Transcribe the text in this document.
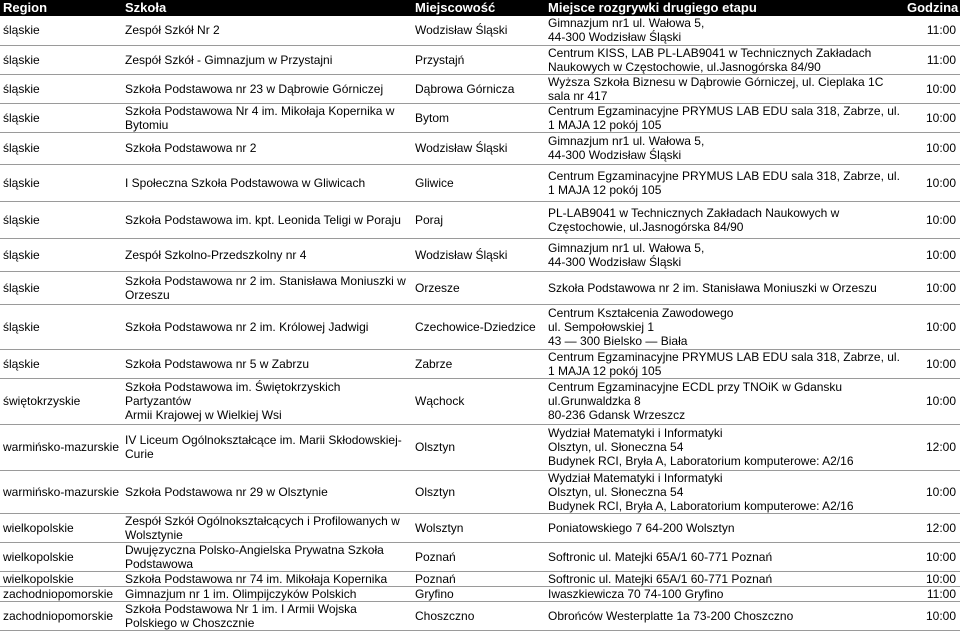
Region	Szkoła	Miejscowość	Miejsce rozgrywki drugiego etapu	Godzina
śląskie	Zespół Szkół Nr 2	Wodzisław Śląski	Gimnazjum nr1 ul. Wałowa 5,
44-300 Wodzisław Śląski	11:00
śląskie	Zespół Szkół - Gimnazjum w Przystajni	Przystajń	Centrum KISS, LAB PL-LAB9041 w Technicznych Zakładach
Naukowych w Częstochowie, ul.Jasnogórska 84/90	11:00
śląskie	Szkoła Podstawowa nr 23 w Dąbrowie Górniczej	Dąbrowa Górnicza	Wyższa Szkoła Biznesu w Dąbrowie Górniczej, ul. Cieplaka 1C
sala nr 417	10:00
śląskie	Szkoła Podstawowa Nr 4 im. Mikołaja Kopernika w
Bytomiu	Bytom	Centrum Egzaminacyjne PRYMUS LAB EDU sala 318, Zabrze, ul.
1 MAJA 12 pokój 105	10:00
śląskie	Szkoła Podstawowa nr 2	Wodzisław Śląski	Gimnazjum nr1 ul. Wałowa 5,
44-300 Wodzisław Śląski	10:00
śląskie	I Społeczna Szkoła Podstawowa w Gliwicach	Gliwice	Centrum Egzaminacyjne PRYMUS LAB EDU sala 318, Zabrze, ul.
1 MAJA 12 pokój 105	10:00
śląskie	Szkoła Podstawowa im. kpt. Leonida Teligi w Poraju	Poraj	PL-LAB9041 w Technicznych Zakładach Naukowych w
Częstochowie, ul.Jasnogórska 84/90	10:00
śląskie	Zespół Szkolno-Przedszkolny nr 4	Wodzisław Śląski	Gimnazjum nr1 ul. Wałowa 5,
44-300 Wodzisław Śląski	10:00
śląskie	Szkoła Podstawowa nr 2 im. Stanisława Moniuszki w
Orzeszu	Orzesze	Szkoła Podstawowa nr 2 im. Stanisława Moniuszki w Orzeszu	10:00
śląskie	Szkoła Podstawowa nr 2 im. Królowej Jadwigi	Czechowice-Dziedzice	Centrum Kształcenia Zawodowego
ul. Sempołowskiej 1
43 — 300 Bielsko — Biała	10:00
śląskie	Szkoła Podstawowa nr 5 w Zabrzu	Zabrze	Centrum Egzaminacyjne PRYMUS LAB EDU sala 318, Zabrze, ul.
1 MAJA 12 pokój 105	10:00
świętokrzyskie	Szkoła Podstawowa im. Świętokrzyskich Partyzantów
Armii Krajowej w Wielkiej Wsi	Wąchock	Centrum Egzaminacyjne ECDL przy TNOiK w Gdansku
ul.Grunwaldzka 8
80-236 Gdansk Wrzeszcz	10:00
warmińsko-mazurskie	IV Liceum Ogólnokształcące im. Marii Skłodowskiej-
Curie	Olsztyn	Wydział Matematyki i Informatyki
Olsztyn, ul. Słoneczna 54
Budynek RCI, Bryła A, Laboratorium komputerowe: A2/16	12:00
warmińsko-mazurskie	Szkoła Podstawowa nr 29 w Olsztynie	Olsztyn	Wydział Matematyki i Informatyki
Olsztyn, ul. Słoneczna 54
Budynek RCI, Bryła A, Laboratorium komputerowe: A2/16	10:00
wielkopolskie	Zespół Szkół Ogólnokształcących i Profilowanych w
Wolsztynie	Wolsztyn	Poniatowskiego 7 64-200 Wolsztyn	12:00
wielkopolskie	Dwujęzyczna Polsko-Angielska Prywatna Szkoła
Podstawowa	Poznań	Softronic ul. Matejki 65A/1 60-771 Poznań	10:00
wielkopolskie	Szkoła Podstawowa nr 74 im. Mikołaja Kopernika	Poznań	Softronic ul. Matejki 65A/1 60-771 Poznań	10:00
zachodniopomorskie	Gimnazjum nr 1 im. Olimpijczyków Polskich	Gryfino	Iwaszkiewicza 70 74-100 Gryfino	11:00
zachodniopomorskie	Szkoła Podstawowa Nr 1 im. I Armii Wojska
Polskiego w Choszcznie	Choszczno	Obrońców Westerplatte 1a 73-200 Choszczno	10:00
